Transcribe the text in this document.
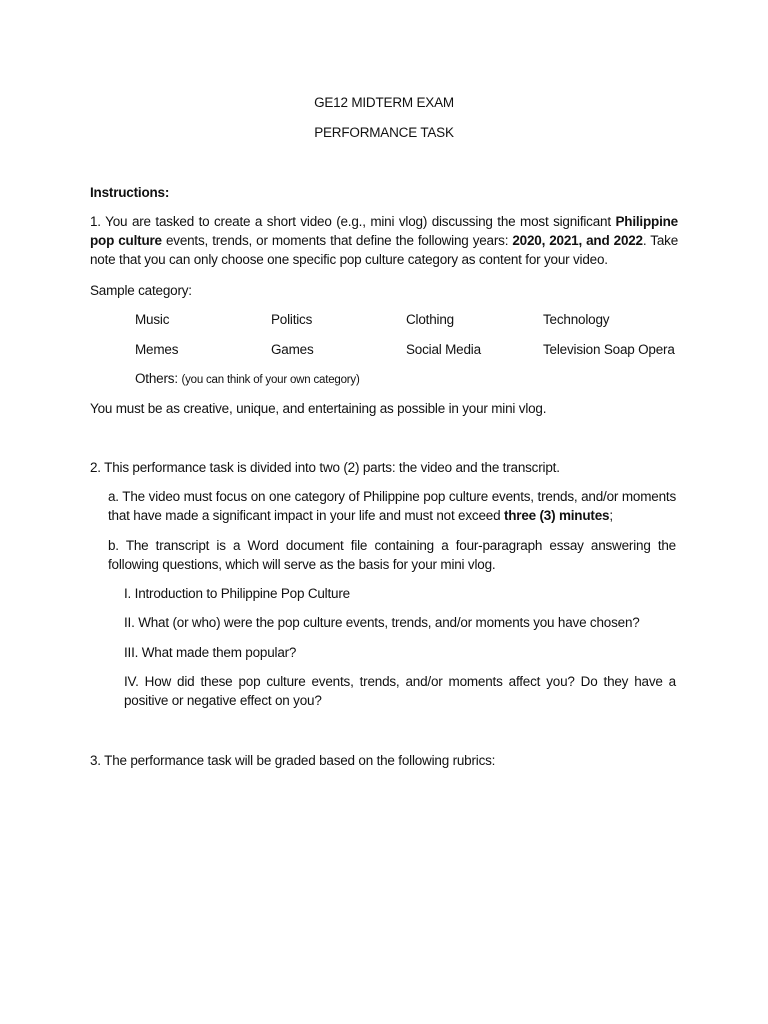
GE12 MIDTERM EXAM
PERFORMANCE TASK
Instructions:
1. You are tasked to create a short video (e.g., mini vlog) discussing the most significant Philippine pop culture events, trends, or moments that define the following years: 2020, 2021, and 2022. Take note that you can only choose one specific pop culture category as content for your video.
Sample category:
Music	Politics	Clothing	Technology
Memes	Games	Social Media	Television Soap Opera
Others: (you can think of your own category)
You must be as creative, unique, and entertaining as possible in your mini vlog.
2. This performance task is divided into two (2) parts: the video and the transcript.
a. The video must focus on one category of Philippine pop culture events, trends, and/or moments that have made a significant impact in your life and must not exceed three (3) minutes;
b. The transcript is a Word document file containing a four-paragraph essay answering the following questions, which will serve as the basis for your mini vlog.
I. Introduction to Philippine Pop Culture
II. What (or who) were the pop culture events, trends, and/or moments you have chosen?
III. What made them popular?
IV. How did these pop culture events, trends, and/or moments affect you? Do they have a positive or negative effect on you?
3. The performance task will be graded based on the following rubrics:
